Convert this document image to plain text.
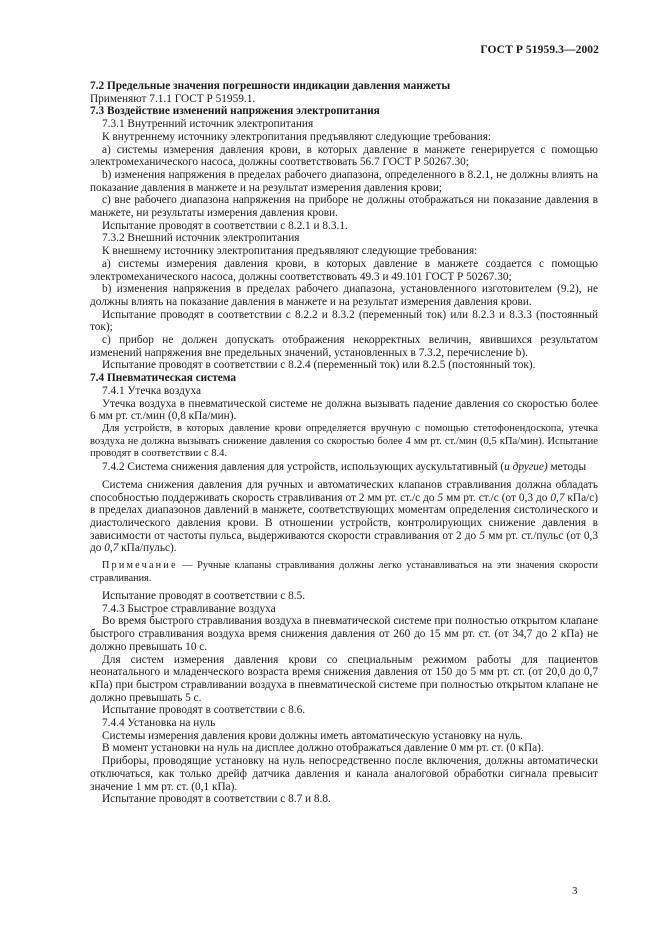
ГОСТ Р 51959.3—2002

7.2 Предельные значения погрешности индикации давления манжеты

Применяют 7.1.1 ГОСТ Р 51959.1.

7.3 Воздействие изменений напряжения электропитания

7.3.1 Внутренний источник электропитания

К внутреннему источнику электропитания предъявляют следующие требования:

a) системы измерения давления крови, в которых давление в манжете генерируется с помощью электромеханического насоса, должны соответствовать 56.7 ГОСТ Р 50267.30;

b) изменения напряжения в пределах рабочего диапазона, определенного в 8.2.1, не должны влиять на показание давления в манжете и на результат измерения давления крови;

c) вне рабочего диапазона напряжения на приборе не должны отображаться ни показание давления в манжете, ни результаты измерения давления крови.

Испытание проводят в соответствии с 8.2.1 и 8.3.1.

7.3.2 Внешний источник электропитания

К внешнему источнику электропитания предъявляют следующие требования:

a) системы измерения давления крови, в которых давление в манжете создается с помощью электромеханического насоса, должны соответствовать 49.3 и 49.101 ГОСТ Р 50267.30;

b) изменения напряжения в пределах рабочего диапазона, установленного изготовителем (9.2), не должны влиять на показание давления в манжете и на результат измерения давления крови.

Испытание проводят в соответствии с 8.2.2 и 8.3.2 (переменный ток) или 8.2.3 и 8.3.3 (постоянный ток);

c) прибор не должен допускать отображения некорректных величин, явившихся результатом изменений напряжения вне предельных значений, установленных в 7.3.2, перечисление b).

Испытание проводят в соответствии с 8.2.4 (переменный ток) или 8.2.5 (постоянный ток).

7.4 Пневматическая система

7.4.1 Утечка воздуха

Утечка воздуха в пневматической системе не должна вызывать падение давления со скоростью более 6 мм рт. ст./мин (0,8 кПа/мин).

Для устройств, в которых давление крови определяется вручную с помощью стетофонендоскопа, утечка воздуха не должна вызывать снижение давления со скоростью более 4 мм рт. ст./мин (0,5 кПа/мин). Испытание проводят в соответствии с 8.4.

7.4.2 Система снижения давления для устройств, использующих аускультативный (и другие) методы

Система снижения давления для ручных и автоматических клапанов стравливания должна обладать способностью поддерживать скорость стравливания от 2 мм рт. ст./с до 5 мм рт. ст./с (от 0,3 до 0,7 кПа/с) в пределах диапазонов давлений в манжете, соответствующих моментам определения систолического и диастолического давления крови. В отношении устройств, контролирующих снижение давления в зависимости от частоты пульса, выдерживаются скорости стравливания от 2 до 5 мм рт. ст./пульс (от 0,3 до 0,7 кПа/пульс).

Примечание — Ручные клапаны стравливания должны легко устанавливаться на эти значения скорости стравливания.

Испытание проводят в соответствии с 8.5.

7.4.3 Быстрое стравливание воздуха

Во время быстрого стравливания воздуха в пневматической системе при полностью открытом клапане быстрого стравливания воздуха время снижения давления от 260 до 15 мм рт. ст. (от 34,7 до 2 кПа) не должно превышать 10 с.

Для систем измерения давления крови со специальным режимом работы для пациентов неонатального и младенческого возраста время снижения давления от 150 до 5 мм рт. ст. (от 20,0 до 0,7 кПа) при быстром стравливании воздуха в пневматической системе при полностью открытом клапане не должно превышать 5 с.

Испытание проводят в соответствии с 8.6.

7.4.4 Установка на нуль

Системы измерения давления крови должны иметь автоматическую установку на нуль.

В момент установки на нуль на дисплее должно отображаться давление 0 мм рт. ст. (0 кПа).

Приборы, проводящие установку на нуль непосредственно после включения, должны автоматически отключаться, как только дрейф датчика давления и канала аналоговой обработки сигнала превысит значение 1 мм рт. ст. (0,1 кПа).

Испытание проводят в соответствии с 8.7 и 8.8.

3
